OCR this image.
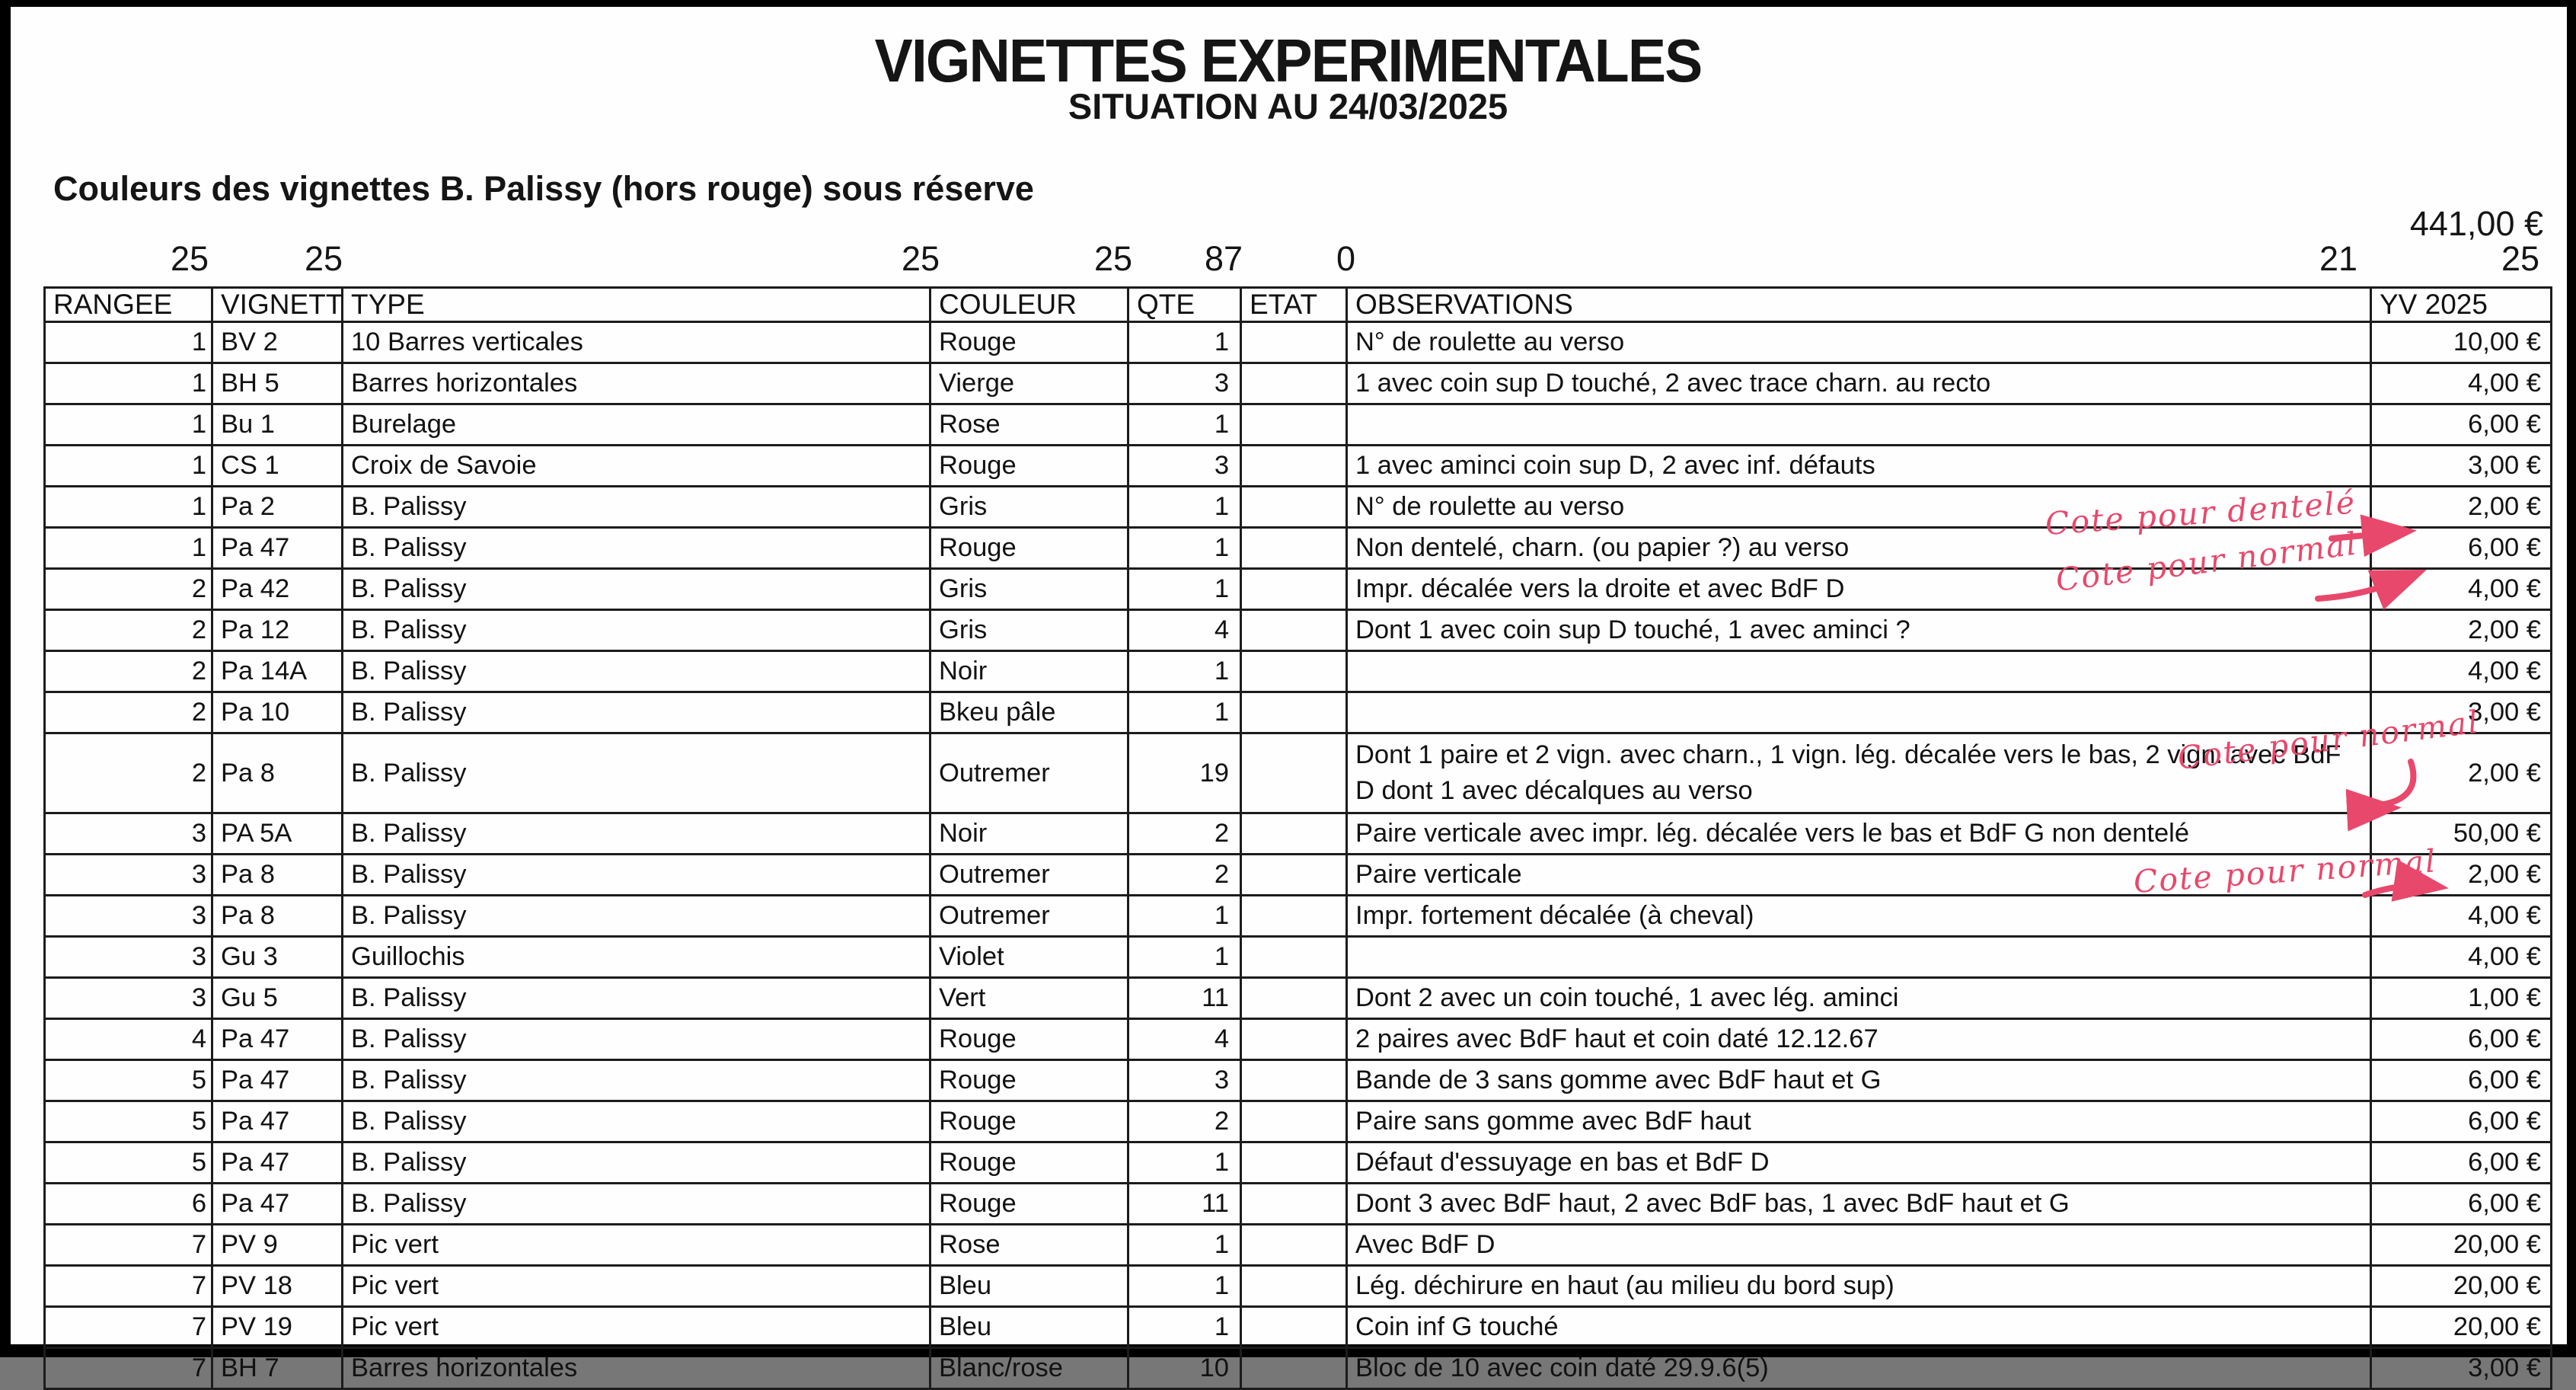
VIGNETTES EXPERIMENTALES
SITUATION AU 24/03/2025
Couleurs des vignettes B. Palissy (hors rouge) sous réserve
441,00 €
25	25	25	25	87	0	21	25
RANGEE	VIGNETT	TYPE	COULEUR	QTE	ETAT	OBSERVATIONS	YV 2025
1	BV 2	10 Barres verticales	Rouge	1		N° de roulette au verso	10,00 €
1	BH 5	Barres horizontales	Vierge	3		1 avec coin sup D touché, 2 avec trace charn. au recto	4,00 €
1	Bu 1	Burelage	Rose	1			6,00 €
1	CS 1	Croix de Savoie	Rouge	3		1 avec aminci coin sup D, 2 avec inf. défauts	3,00 €
1	Pa 2	B. Palissy	Gris	1		N° de roulette au verso	2,00 €
1	Pa 47	B. Palissy	Rouge	1		Non dentelé, charn. (ou papier ?) au verso	6,00 €
2	Pa 42	B. Palissy	Gris	1		Impr. décalée vers la droite et avec BdF D	4,00 €
2	Pa 12	B. Palissy	Gris	4		Dont 1 avec coin sup D touché, 1 avec aminci ?	2,00 €
2	Pa 14A	B. Palissy	Noir	1			4,00 €
2	Pa 10	B. Palissy	Bkeu pâle	1			3,00 €
2	Pa 8	B. Palissy	Outremer	19		Dont 1 paire et 2 vign. avec charn., 1 vign. lég. décalée vers le bas, 2 vign. avec BdF D dont 1 avec décalques au verso	2,00 €
3	PA 5A	B. Palissy	Noir	2		Paire verticale avec impr. lég. décalée vers le bas et BdF G non dentelé	50,00 €
3	Pa 8	B. Palissy	Outremer	2		Paire verticale	2,00 €
3	Pa 8	B. Palissy	Outremer	1		Impr. fortement décalée (à cheval)	4,00 €
3	Gu 3	Guillochis	Violet	1			4,00 €
3	Gu 5	B. Palissy	Vert	11		Dont 2 avec un coin touché, 1 avec lég. aminci	1,00 €
4	Pa 47	B. Palissy	Rouge	4		2 paires avec BdF haut et coin daté 12.12.67	6,00 €
5	Pa 47	B. Palissy	Rouge	3		Bande de 3 sans gomme avec BdF haut et G	6,00 €
5	Pa 47	B. Palissy	Rouge	2		Paire sans gomme avec BdF haut	6,00 €
5	Pa 47	B. Palissy	Rouge	1		Défaut d'essuyage en bas et BdF D	6,00 €
6	Pa 47	B. Palissy	Rouge	11		Dont 3 avec BdF haut, 2 avec BdF bas, 1 avec BdF haut et G	6,00 €
7	PV 9	Pic vert	Rose	1		Avec BdF D	20,00 €
7	PV 18	Pic vert	Bleu	1		Lég. déchirure en haut (au milieu du bord sup)	20,00 €
7	PV 19	Pic vert	Bleu	1		Coin inf G touché	20,00 €
7	BH 7	Barres horizontales	Blanc/rose	10		Bloc de 10 avec coin daté 29.9.6(5)	3,00 €
Cote pour dentelé
Cote pour normal
Cote pour normal
Cote pour normal
